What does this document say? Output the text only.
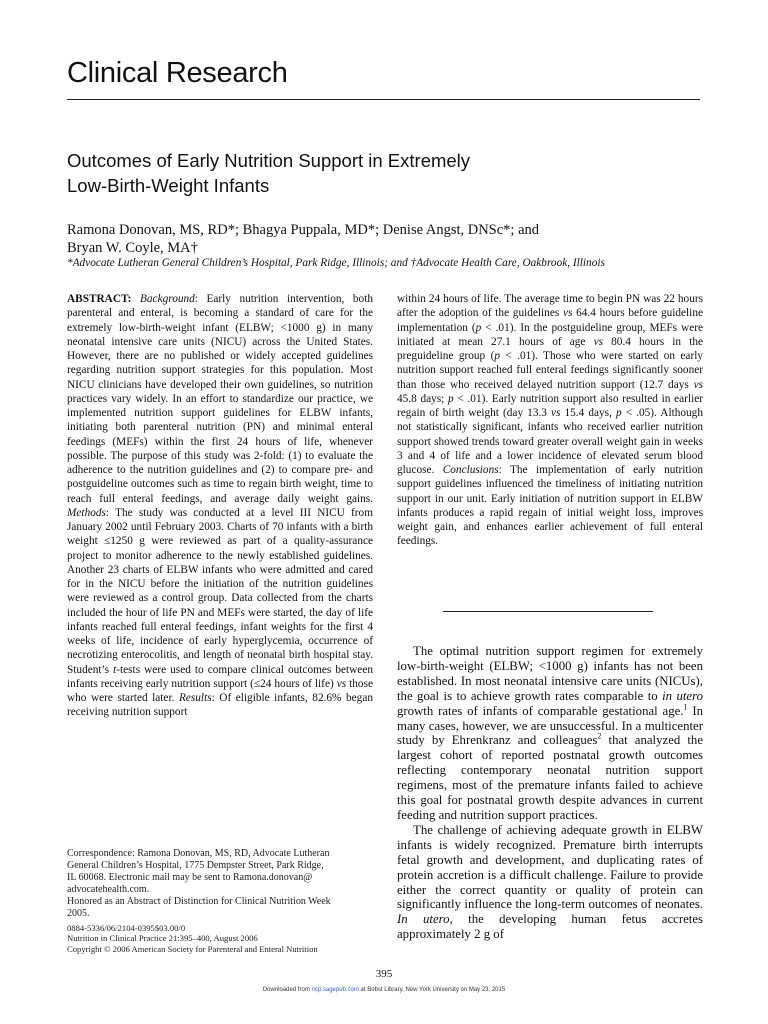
Clinical Research
Outcomes of Early Nutrition Support in Extremely
Low-Birth-Weight Infants
Ramona Donovan, MS, RD*; Bhagya Puppala, MD*; Denise Angst, DNSc*; and
Bryan W. Coyle, MA†
*Advocate Lutheran General Children’s Hospital, Park Ridge, Illinois; and †Advocate Health Care, Oakbrook, Illinois

ABSTRACT: Background: Early nutrition intervention, both parenteral and enteral, is becoming a standard of care for the extremely low-birth-weight infant (ELBW; <1000 g) in many neonatal intensive care units (NICU) across the United States. However, there are no published or widely accepted guidelines regarding nutrition support strategies for this population. Most NICU clinicians have developed their own guidelines, so nutrition practices vary widely. In an effort to standardize our practice, we implemented nutrition support guidelines for ELBW infants, initiating both parenteral nutrition (PN) and minimal enteral feedings (MEFs) within the first 24 hours of life, whenever possible. The purpose of this study was 2-fold: (1) to evaluate the adherence to the nutrition guidelines and (2) to compare pre- and postguideline outcomes such as time to regain birth weight, time to reach full enteral feedings, and average daily weight gains. Methods: The study was conducted at a level III NICU from January 2002 until February 2003. Charts of 70 infants with a birth weight ≤1250 g were reviewed as part of a quality-assurance project to monitor adherence to the newly established guidelines. Another 23 charts of ELBW infants who were admitted and cared for in the NICU before the initiation of the nutrition guidelines were reviewed as a control group. Data collected from the charts included the hour of life PN and MEFs were started, the day of life infants reached full enteral feedings, infant weights for the first 4 weeks of life, incidence of early hyperglycemia, occurrence of necrotizing enterocolitis, and length of neonatal birth hospital stay. Student’s t-tests were used to compare clinical outcomes between infants receiving early nutrition support (≤24 hours of life) vs those who were started later. Results: Of eligible infants, 82.6% began receiving nutrition support

within 24 hours of life. The average time to begin PN was 22 hours after the adoption of the guidelines vs 64.4 hours before guideline implementation (p < .01). In the postguideline group, MEFs were initiated at mean 27.1 hours of age vs 80.4 hours in the preguideline group (p < .01). Those who were started on early nutrition support reached full enteral feedings significantly sooner than those who received delayed nutrition support (12.7 days vs 45.8 days; p < .01). Early nutrition support also resulted in earlier regain of birth weight (day 13.3 vs 15.4 days, p < .05). Although not statistically significant, infants who received earlier nutrition support showed trends toward greater overall weight gain in weeks 3 and 4 of life and a lower incidence of elevated serum blood glucose. Conclusions: The implementation of early nutrition support guidelines influenced the timeliness of initiating nutrition support in our unit. Early initiation of nutrition support in ELBW infants produces a rapid regain of initial weight loss, improves weight gain, and enhances earlier achievement of full enteral feedings.

The optimal nutrition support regimen for extremely low-birth-weight (ELBW; <1000 g) infants has not been established. In most neonatal intensive care units (NICUs), the goal is to achieve growth rates comparable to in utero growth rates of infants of comparable gestational age.$^1$ In many cases, however, we are unsuccessful. In a multicenter study by Ehrenkranz and colleagues$^2$ that analyzed the largest cohort of reported postnatal growth outcomes reflecting contemporary neonatal nutrition support regimens, most of the premature infants failed to achieve this goal for postnatal growth despite advances in current feeding and nutrition support practices.

The challenge of achieving adequate growth in ELBW infants is widely recognized. Premature birth interrupts fetal growth and development, and duplicating rates of protein accretion is a difficult challenge. Failure to provide either the correct quantity or quality of protein can significantly influence the long-term outcomes of neonates. In utero, the developing human fetus accretes approximately 2 g of

Correspondence: Ramona Donovan, MS, RD, Advocate Lutheran
General Children’s Hospital, 1775 Dempster Street, Park Ridge,
IL 60068. Electronic mail may be sent to Ramona.donovan@
advocatehealth.com.
Honored as an Abstract of Distinction for Clinical Nutrition Week
2005.
0884-5336/06/2104-0395$03.00/0
Nutrition in Clinical Practice 21:395–400, August 2006
Copyright © 2006 American Society for Parenteral and Enteral Nutrition
395
Downloaded from ncp.sagepub.com at Bobst Library, New York University on May 23, 2015
